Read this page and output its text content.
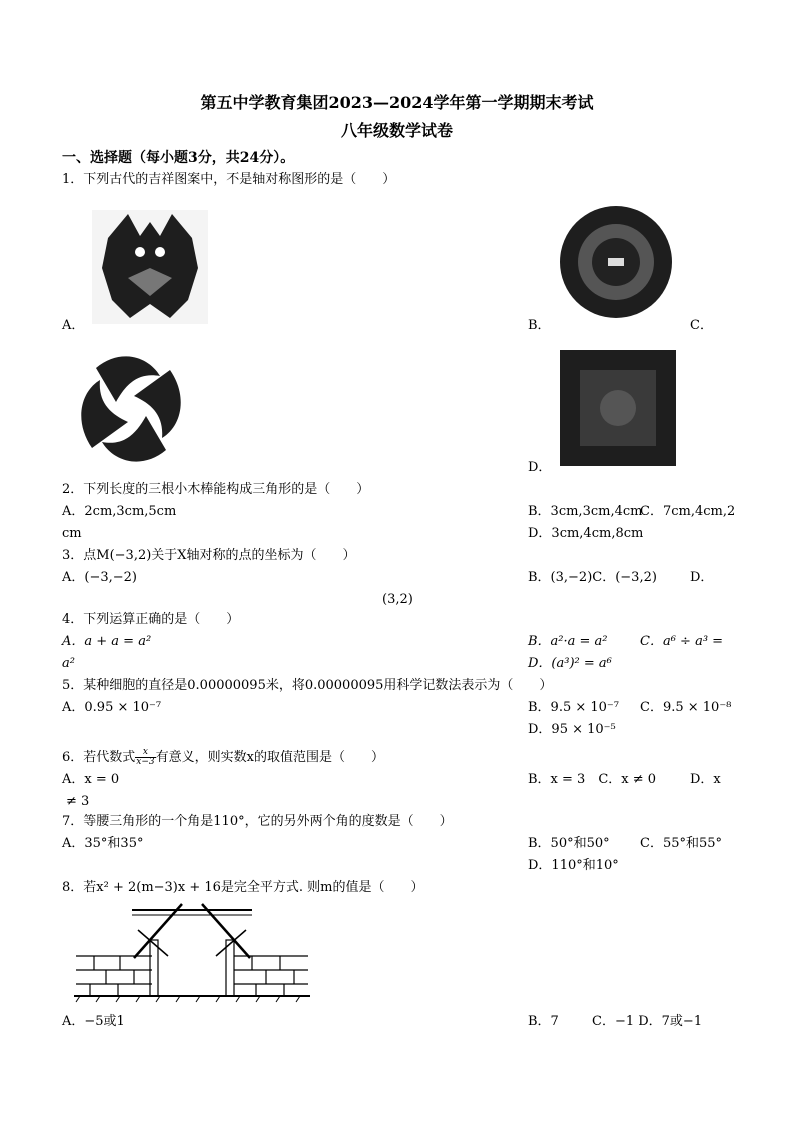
第五中学教育集团2023—2024学年第一学期期末考试
八年级数学试卷
一、选择题（每小题3分，共24分）。
1．下列古代的吉祥图案中，不是轴对称图形的是（　　）
A．	B．	C．
D．
2．下列长度的三根小木棒能构成三角形的是（　　）
A．2cm,3cm,5cm	B．3cm,3cm,4cm
C．7cm,4cm,2
cm	D．3cm,4cm,8cm
3．点M(−3,2)关于X轴对称的点的坐标为（　　）
A．(−3,−2)	B．(3,−2)C．(−3,2)	D．
(3,2)
4．下列运算正确的是（　　）
A．a + a = a²	B．a²·a = a² C．a⁶ ÷ a³ =
a²	D．(a³)² = a⁶
5．某种细胞的直径是0.00000095米，将0.00000095用科学记数法表示为（　　）
A．0.95 × 10⁻⁷	B．9.5 × 10⁻⁷ C．9.5 × 10⁻⁸
D．95 × 10⁻⁵
6．若代数式 $\frac{x}{x-3}$ 有意义，则实数x的取值范围是（　　）
A．x = 0	B．x = 3　C．x ≠ 0	D．x
≠ 3
7．等腰三角形的一个角是110°，它的另外两个角的度数是（　　）
A．35°和35°	B．50°和50° C．55°和55°
D．110°和10°
8．若x² + 2(m−3)x + 16是完全平方式. 则m的值是（　　）
A．−5或1	B．7	C．−1 D．7或−1
